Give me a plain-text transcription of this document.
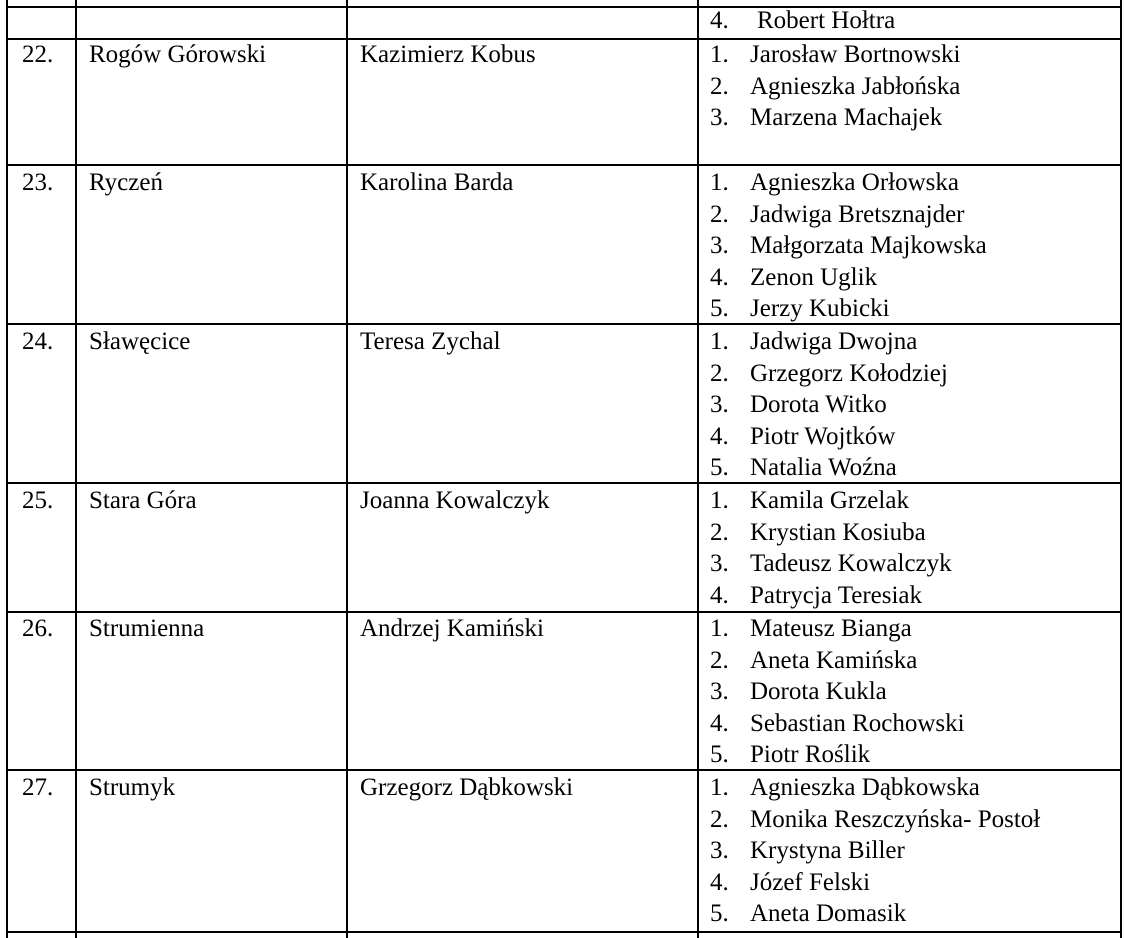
4.	Robert Hołtra
22. Rogów Górowski	Kazimierz Kobus	1. Jarosław Bortnowski
2. Agnieszka Jabłońska
3. Marzena Machajek
23. Ryczeń	Karolina Barda	1. Agnieszka Orłowska
2. Jadwiga Bretsznajder
3. Małgorzata Majkowska
4. Zenon Uglik
5. Jerzy Kubicki
24. Sławęcice	Teresa Zychal	1. Jadwiga Dwojna
2. Grzegorz Kołodziej
3. Dorota Witko
4. Piotr Wojtków
5. Natalia Woźna
25. Stara Góra	Joanna Kowalczyk	1. Kamila Grzelak
2. Krystian Kosiuba
3. Tadeusz Kowalczyk
4. Patrycja Teresiak
26. Strumienna	Andrzej Kamiński	1. Mateusz Bianga
2. Aneta Kamińska
3. Dorota Kukla
4. Sebastian Rochowski
5. Piotr Roślik
27. Strumyk	Grzegorz Dąbkowski	1. Agnieszka Dąbkowska
2. Monika Reszczyńska- Postoł
3. Krystyna Biller
4. Józef Felski
5. Aneta Domasik
